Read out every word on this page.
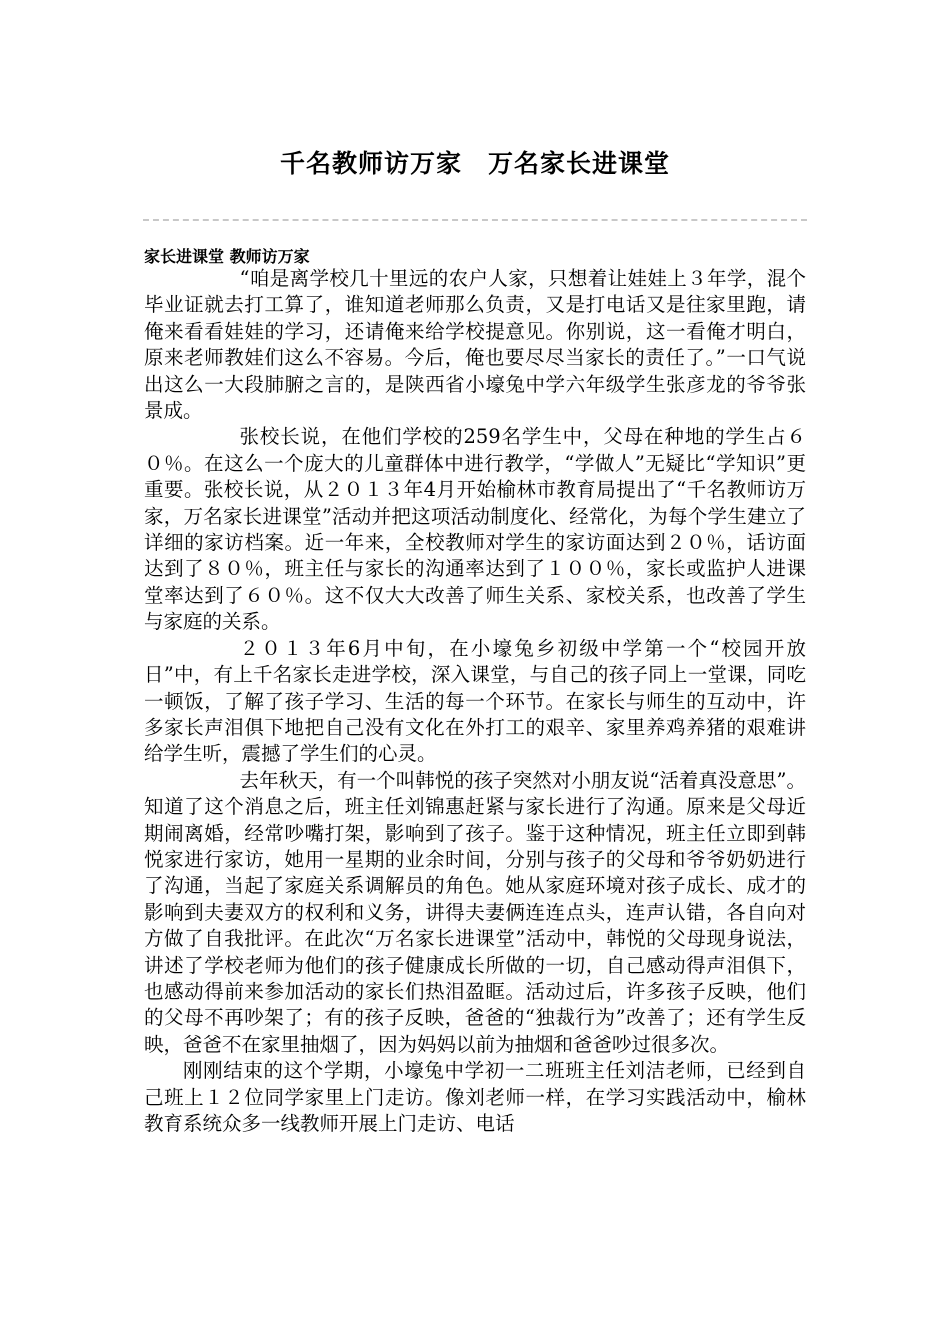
千名教师访万家　万名家长进课堂
家长进课堂 教师访万家

“咱是离学校几十里远的农户人家，只想着让娃娃上３年学，混个毕业证就去打工算了，谁知道老师那么负责，又是打电话又是往家里跑，请俺来看看娃娃的学习，还请俺来给学校提意见。你别说，这一看俺才明白，原来老师教娃们这么不容易。今后，俺也要尽尽当家长的责任了。”一口气说出这么一大段肺腑之言的，是陕西省小壕兔中学六年级学生张彦龙的爷爷张景成。

张校长说，在他们学校的259名学生中，父母在种地的学生占６０％。在这么一个庞大的儿童群体中进行教学，“学做人”无疑比“学知识”更重要。张校长说，从２０１３年4月开始榆林市教育局提出了“千名教师访万家，万名家长进课堂”活动并把这项活动制度化、经常化，为每个学生建立了详细的家访档案。近一年来，全校教师对学生的家访面达到２０％，话访面达到了８０％，班主任与家长的沟通率达到了１００％，家长或监护人进课堂率达到了６０％。这不仅大大改善了师生关系、家校关系，也改善了学生与家庭的关系。

２０１３年6月中旬，在小壕兔乡初级中学第一个“校园开放日”中，有上千名家长走进学校，深入课堂，与自己的孩子同上一堂课，同吃一顿饭，了解了孩子学习、生活的每一个环节。在家长与师生的互动中，许多家长声泪俱下地把自己没有文化在外打工的艰辛、家里养鸡养猪的艰难讲给学生听，震撼了学生们的心灵。

去年秋天，有一个叫韩悦的孩子突然对小朋友说“活着真没意思”。知道了这个消息之后，班主任刘锦惠赶紧与家长进行了沟通。原来是父母近期闹离婚，经常吵嘴打架，影响到了孩子。鉴于这种情况，班主任立即到韩悦家进行家访，她用一星期的业余时间，分别与孩子的父母和爷爷奶奶进行了沟通，当起了家庭关系调解员的角色。她从家庭环境对孩子成长、成才的影响到夫妻双方的权利和义务，讲得夫妻俩连连点头，连声认错，各自向对方做了自我批评。在此次“万名家长进课堂”活动中，韩悦的父母现身说法，讲述了学校老师为他们的孩子健康成长所做的一切，自己感动得声泪俱下，也感动得前来参加活动的家长们热泪盈眶。活动过后，许多孩子反映，他们的父母不再吵架了；有的孩子反映，爸爸的“独裁行为”改善了；还有学生反映，爸爸不在家里抽烟了，因为妈妈以前为抽烟和爸爸吵过很多次。

刚刚结束的这个学期，小壕兔中学初一二班班主任刘洁老师，已经到自己班上１２位同学家里上门走访。像刘老师一样，在学习实践活动中，榆林教育系统众多一线教师开展上门走访、电话
